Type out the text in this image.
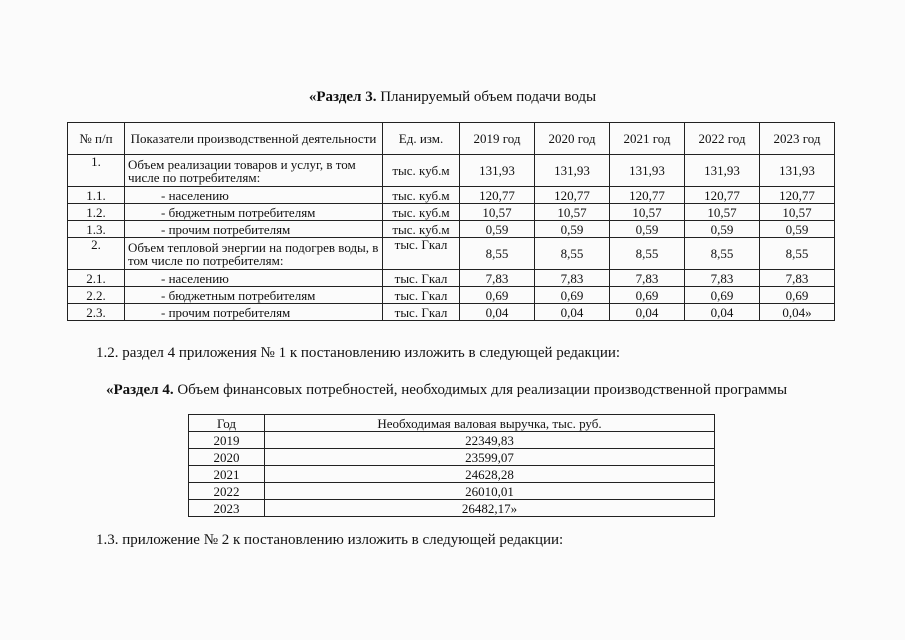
«Раздел 3. Планируемый объем подачи воды
№ п/п	Показатели производственной деятельности	Ед. изм.	2019 год	2020 год	2021 год	2022 год	2023 год
1.	Объем реализации товаров и услуг, в том числе по потребителям:	тыс. куб.м	131,93	131,93	131,93	131,93	131,93
1.1.	- населению	тыс. куб.м	120,77	120,77	120,77	120,77	120,77
1.2.	- бюджетным потребителям	тыс. куб.м	10,57	10,57	10,57	10,57	10,57
1.3.	- прочим потребителям	тыс. куб.м	0,59	0,59	0,59	0,59	0,59
2.	Объем тепловой энергии на подогрев воды, в том числе по потребителям:	тыс. Гкал	8,55	8,55	8,55	8,55	8,55
2.1.	- населению	тыс. Гкал	7,83	7,83	7,83	7,83	7,83
2.2.	- бюджетным потребителям	тыс. Гкал	0,69	0,69	0,69	0,69	0,69
2.3.	- прочим потребителям	тыс. Гкал	0,04	0,04	0,04	0,04	0,04»
1.2. раздел 4 приложения № 1 к постановлению изложить в следующей редакции:
«Раздел 4. Объем финансовых потребностей, необходимых для реализации производственной программы
Год	Необходимая валовая выручка, тыс. руб.
2019	22349,83
2020	23599,07
2021	24628,28
2022	26010,01
2023	26482,17»
1.3. приложение № 2 к постановлению изложить в следующей редакции:
